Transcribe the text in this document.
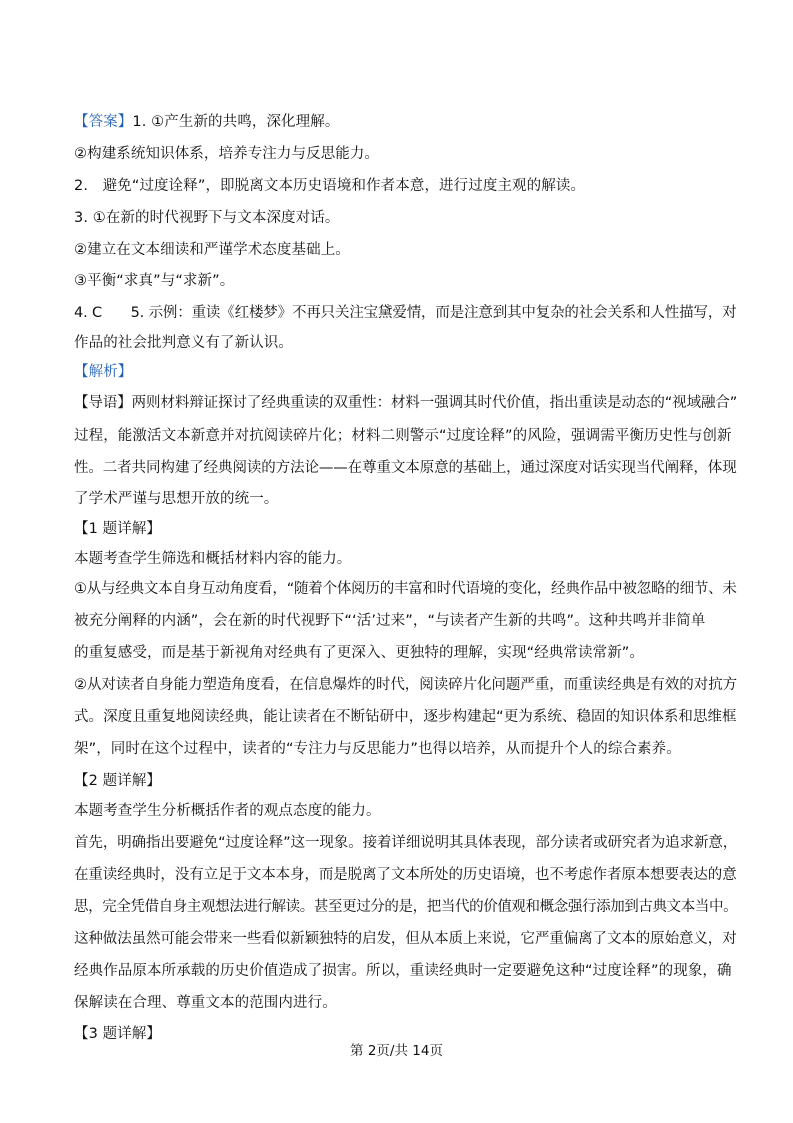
【答案】1. ①产生新的共鸣，深化理解。
②构建系统知识体系，培养专注力与反思能力。
2.　避免“过度诠释”，即脱离文本历史语境和作者本意，进行过度主观的解读。
3. ①在新的时代视野下与文本深度对话。
②建立在文本细读和严谨学术态度基础上。
③平衡“求真”与“求新”。
4. C　　5. 示例：重读《红楼梦》不再只关注宝黛爱情，而是注意到其中复杂的社会关系和人性描写，对
作品的社会批判意义有了新认识。
【解析】
【导语】两则材料辩证探讨了经典重读的双重性：材料一强调其时代价值，指出重读是动态的“视域融合”
过程，能激活文本新意并对抗阅读碎片化；材料二则警示“过度诠释”的风险，强调需平衡历史性与创新
性。二者共同构建了经典阅读的方法论——在尊重文本原意的基础上，通过深度对话实现当代阐释，体现
了学术严谨与思想开放的统一。
【1 题详解】
本题考查学生筛选和概括材料内容的能力。
①从与经典文本自身互动角度看，“随着个体阅历的丰富和时代语境的变化，经典作品中被忽略的细节、未
被充分阐释的内涵”，会在新的时代视野下“‘活’过来”，“与读者产生新的共鸣”。这种共鸣并非简单
的重复感受，而是基于新视角对经典有了更深入、更独特的理解，实现“经典常读常新”。
②从对读者自身能力塑造角度看，在信息爆炸的时代，阅读碎片化问题严重，而重读经典是有效的对抗方
式。深度且重复地阅读经典，能让读者在不断钻研中，逐步构建起“更为系统、稳固的知识体系和思维框
架”，同时在这个过程中，读者的“专注力与反思能力”也得以培养，从而提升个人的综合素养。
【2 题详解】
本题考查学生分析概括作者的观点态度的能力。
首先，明确指出要避免“过度诠释”这一现象。接着详细说明其具体表现，部分读者或研究者为追求新意，
在重读经典时，没有立足于文本本身，而是脱离了文本所处的历史语境，也不考虑作者原本想要表达的意
思，完全凭借自身主观想法进行解读。甚至更过分的是，把当代的价值观和概念强行添加到古典文本当中。
这种做法虽然可能会带来一些看似新颖独特的启发，但从本质上来说，它严重偏离了文本的原始意义，对
经典作品原本所承载的历史价值造成了损害。所以，重读经典时一定要避免这种“过度诠释”的现象，确
保解读在合理、尊重文本的范围内进行。
【3 题详解】
第 2页/共 14页
